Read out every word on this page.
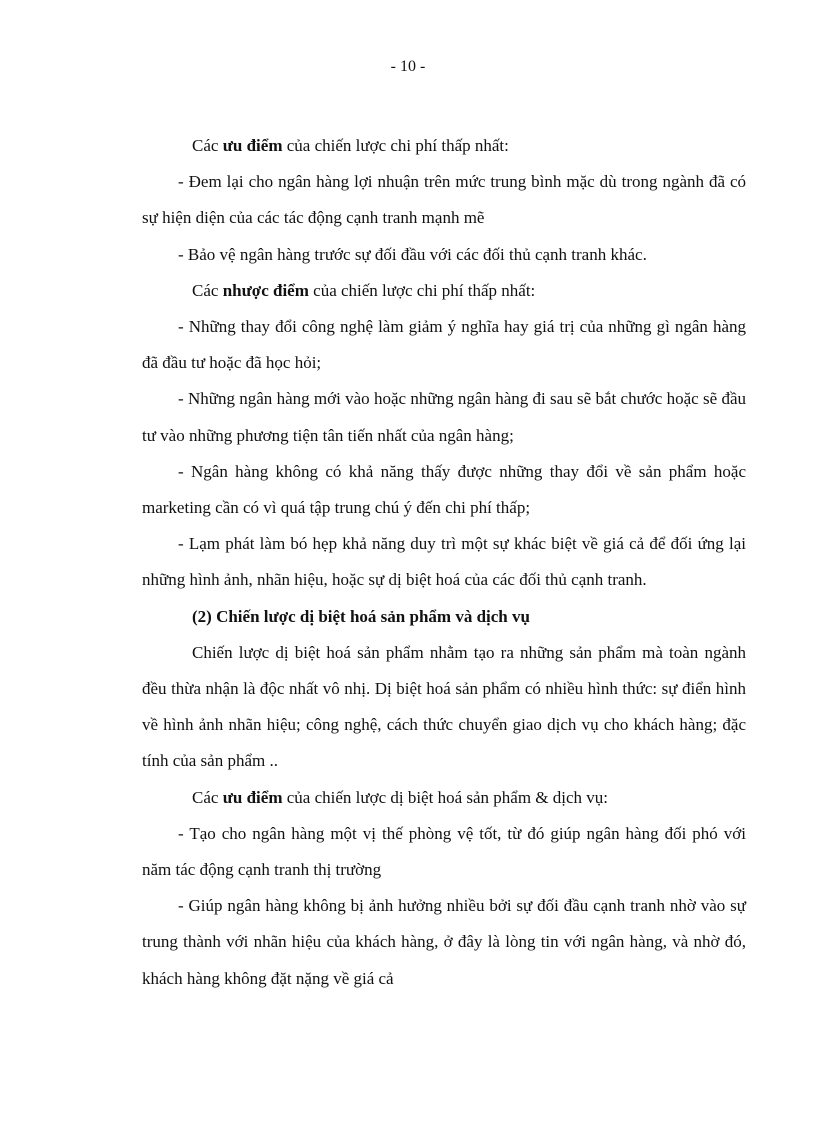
- 10 -

Các ưu điểm của chiến lược chi phí thấp nhất:

- Đem lại cho ngân hàng lợi nhuận trên mức trung bình mặc dù trong ngành đã có sự hiện diện của các tác động cạnh tranh mạnh mẽ

- Bảo vệ ngân hàng trước sự đối đầu với các đối thủ cạnh tranh khác.

Các nhược điểm của chiến lược chi phí thấp nhất:

- Những thay đổi công nghệ làm giảm ý nghĩa hay giá trị của những gì ngân hàng đã đầu tư hoặc đã học hỏi;

- Những ngân hàng mới vào hoặc những ngân hàng đi sau sẽ bắt chước hoặc sẽ đầu tư vào những phương tiện tân tiến nhất của ngân hàng;

- Ngân hàng không có khả năng thấy được những thay đổi về sản phẩm hoặc marketing cần có vì quá tập trung chú ý đến chi phí thấp;

- Lạm phát làm bó hẹp khả năng duy trì một sự khác biệt về giá cả để đối ứng lại những hình ảnh, nhãn hiệu, hoặc sự dị biệt hoá của các đối thủ cạnh tranh.

(2) Chiến lược dị biệt hoá sản phẩm và dịch vụ

Chiến lược dị biệt hoá sản phẩm nhằm tạo ra những sản phẩm mà toàn ngành đều thừa nhận là độc nhất vô nhị. Dị biệt hoá sản phẩm có nhiều hình thức: sự điển hình về hình ảnh nhãn hiệu; công nghệ, cách thức chuyển giao dịch vụ cho khách hàng; đặc tính của sản phẩm ..

Các ưu điểm của chiến lược dị biệt hoá sản phẩm & dịch vụ:

- Tạo cho ngân hàng một vị thế phòng vệ tốt, từ đó giúp ngân hàng đối phó với năm tác động cạnh tranh thị trường

- Giúp ngân hàng không bị ảnh hưởng nhiều bởi sự đối đầu cạnh tranh nhờ vào sự trung thành với nhãn hiệu của khách hàng, ở đây là lòng tin với ngân hàng, và nhờ đó, khách hàng không đặt nặng về giá cả
